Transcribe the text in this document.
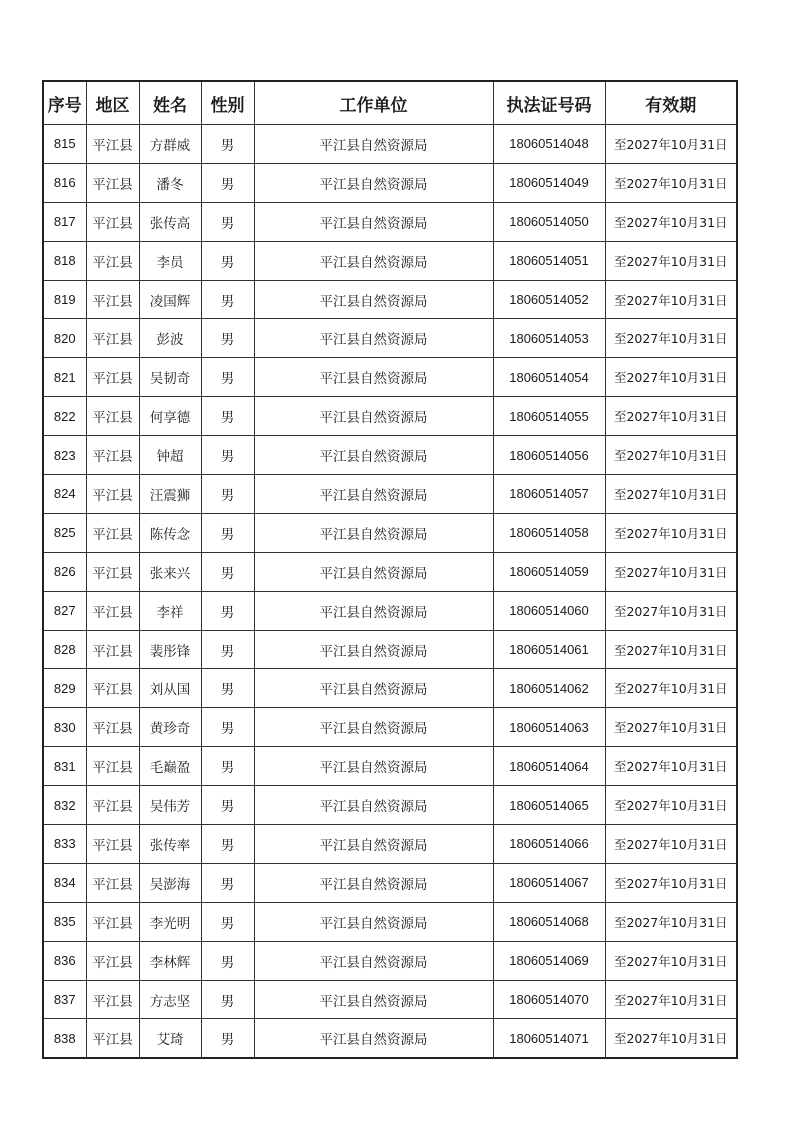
序号	地区	姓名	性别	工作单位	执法证号码	有效期
815	平江县	方群威	男	平江县自然资源局	18060514048	至2027年10月31日
816	平江县	潘冬	男	平江县自然资源局	18060514049	至2027年10月31日
817	平江县	张传高	男	平江县自然资源局	18060514050	至2027年10月31日
818	平江县	李员	男	平江县自然资源局	18060514051	至2027年10月31日
819	平江县	凌国辉	男	平江县自然资源局	18060514052	至2027年10月31日
820	平江县	彭波	男	平江县自然资源局	18060514053	至2027年10月31日
821	平江县	吴韧奇	男	平江县自然资源局	18060514054	至2027年10月31日
822	平江县	何享德	男	平江县自然资源局	18060514055	至2027年10月31日
823	平江县	钟超	男	平江县自然资源局	18060514056	至2027年10月31日
824	平江县	汪震狮	男	平江县自然资源局	18060514057	至2027年10月31日
825	平江县	陈传念	男	平江县自然资源局	18060514058	至2027年10月31日
826	平江县	张来兴	男	平江县自然资源局	18060514059	至2027年10月31日
827	平江县	李祥	男	平江县自然资源局	18060514060	至2027年10月31日
828	平江县	裴彤锋	男	平江县自然资源局	18060514061	至2027年10月31日
829	平江县	刘从国	男	平江县自然资源局	18060514062	至2027年10月31日
830	平江县	黄珍奇	男	平江县自然资源局	18060514063	至2027年10月31日
831	平江县	毛巅盈	男	平江县自然资源局	18060514064	至2027年10月31日
832	平江县	吴伟芳	男	平江县自然资源局	18060514065	至2027年10月31日
833	平江县	张传率	男	平江县自然资源局	18060514066	至2027年10月31日
834	平江县	吴澎海	男	平江县自然资源局	18060514067	至2027年10月31日
835	平江县	李光明	男	平江县自然资源局	18060514068	至2027年10月31日
836	平江县	李林辉	男	平江县自然资源局	18060514069	至2027年10月31日
837	平江县	方志坚	男	平江县自然资源局	18060514070	至2027年10月31日
838	平江县	艾琦	男	平江县自然资源局	18060514071	至2027年10月31日
